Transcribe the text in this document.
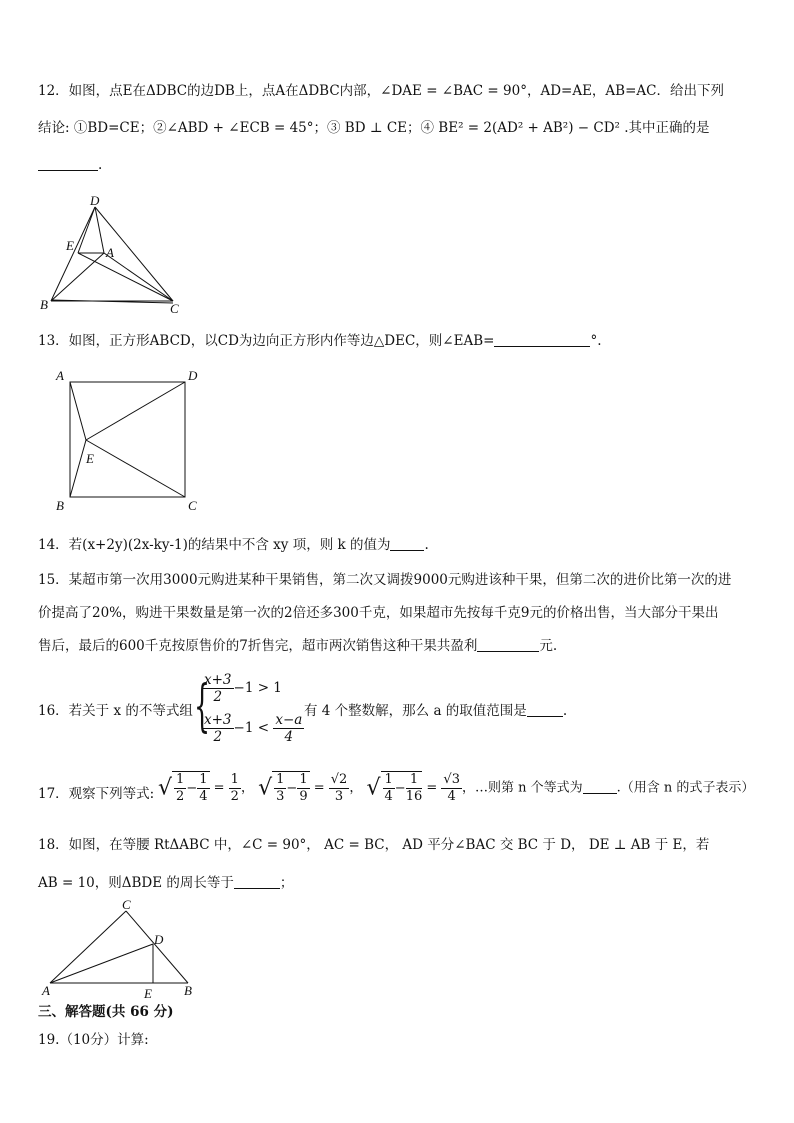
12．如图，点E在ΔDBC的边DB上，点A在ΔDBC内部，∠DAE = ∠BAC = 90°，AD=AE，AB=AC．给出下列
结论: ①BD=CE；②∠ABD + ∠ECB = 45°；③ BD ⊥ CE；④ BE² = 2(AD² + AB²) − CD² .其中正确的是
.
D
E A
B	C
13．如图，正方形ABCD，以CD为边向正方形内作等边△DEC，则∠EAB=	°.
A	D
E
B	C
14．若(x+2y)(2x-ky-1)的结果中不含 xy 项，则 k 的值为	.
15．某超市第一次用3000元购进某种干果销售，第二次又调拨9000元购进该种干果，但第二次的进价比第一次的进
价提高了20%，购进干果数量是第一次的2倍还多300千克，如果超市先按每千克9元的价格出售，当大部分干果出
售后，最后的600千克按原售价的7折售完，超市两次销售这种干果共盈利	元.
16．若关于 x 的不等式组 {
$\frac{x+3}{2} -1 > 1$
$\frac{x+3}{2} -1 < \frac{x-a}{4}$
有 4 个整数解，那么 a 的取值范围是	.
17．观察下列等式: √ $\frac{1}{2} - \frac{1}{4} = \frac{1}{2}$ ， √ $\frac{1}{3} - \frac{1}{9} = \frac{√2}{3}$ ， √ $\frac{1}{4} - \frac{1}{16} = \frac{√3}{4}$ ，…则第 n 个等式为	.（用含 n 的式子表示）
18．如图，在等腰 RtΔABC 中，∠C = 90°， AC = BC， AD 平分∠BAC 交 BC 于 D， DE ⊥ AB 于 E，若
AB = 10，则ΔBDE 的周长等于	；
C
D
A	E B
三、解答题(共 66 分)
19.（10分）计算:
